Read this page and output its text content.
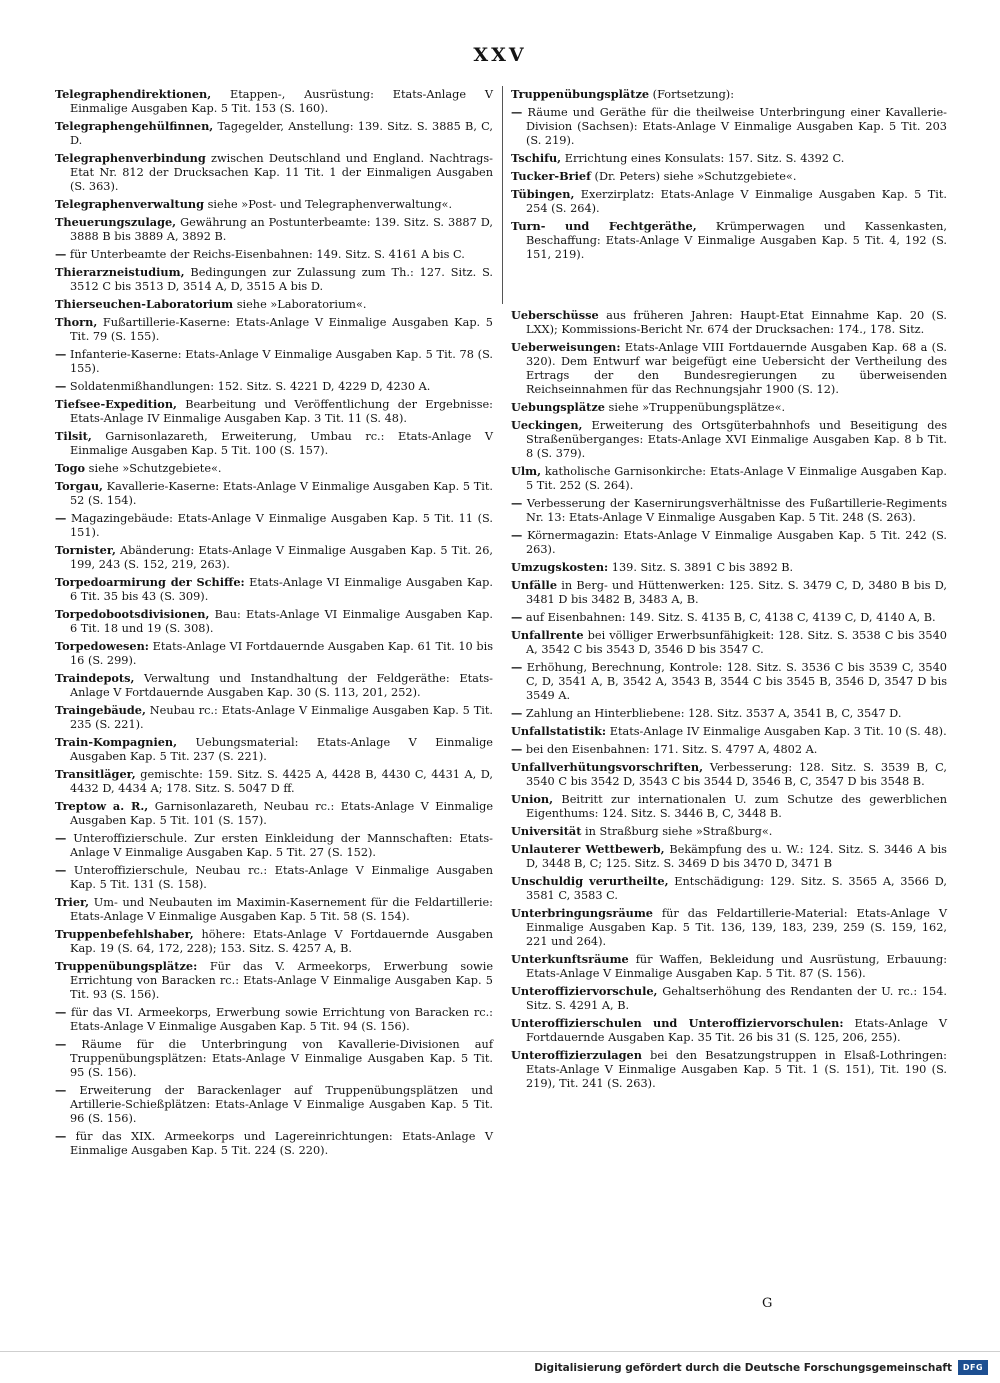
XXV

Telegraphendirektionen, Etappen-, Ausrüstung: Etats-Anlage V Einmalige Ausgaben Kap. 5 Tit. 153 (S. 160).

Telegraphengehülfinnen, Tagegelder, Anstellung: 139. Sitz. S. 3885 B, C, D.

Telegraphenverbindung zwischen Deutschland und England. Nachtrags-Etat Nr. 812 der Drucksachen Kap. 11 Tit. 1 der Einmaligen Ausgaben (S. 363).

Telegraphenverwaltung siehe »Post- und Telegraphenverwaltung«.

Theuerungszulage, Gewährung an Postunterbeamte: 139. Sitz. S. 3887 D, 3888 B bis 3889 A, 3892 B.

— für Unterbeamte der Reichs-Eisenbahnen: 149. Sitz. S. 4161 A bis C.

Thierarzneistudium, Bedingungen zur Zulassung zum Th.: 127. Sitz. S. 3512 C bis 3513 D, 3514 A, D, 3515 A bis D.

Thierseuchen-Laboratorium siehe »Laboratorium«.

Thorn, Fußartillerie-Kaserne: Etats-Anlage V Einmalige Ausgaben Kap. 5 Tit. 79 (S. 155).

— Infanterie-Kaserne: Etats-Anlage V Einmalige Ausgaben Kap. 5 Tit. 78 (S. 155).

— Soldatenmißhandlungen: 152. Sitz. S. 4221 D, 4229 D, 4230 A.

Tiefsee-Expedition, Bearbeitung und Veröffentlichung der Ergebnisse: Etats-Anlage IV Einmalige Ausgaben Kap. 3 Tit. 11 (S. 48).

Tilsit, Garnisonlazareth, Erweiterung, Umbau rc.: Etats-Anlage V Einmalige Ausgaben Kap. 5 Tit. 100 (S. 157).

Togo siehe »Schutzgebiete«.

Torgau, Kavallerie-Kaserne: Etats-Anlage V Einmalige Ausgaben Kap. 5 Tit. 52 (S. 154).

— Magazingebäude: Etats-Anlage V Einmalige Ausgaben Kap. 5 Tit. 11 (S. 151).

Tornister, Abänderung: Etats-Anlage V Einmalige Ausgaben Kap. 5 Tit. 26, 199, 243 (S. 152, 219, 263).

Torpedoarmirung der Schiffe: Etats-Anlage VI Einmalige Ausgaben Kap. 6 Tit. 35 bis 43 (S. 309).

Torpedobootsdivisionen, Bau: Etats-Anlage VI Einmalige Ausgaben Kap. 6 Tit. 18 und 19 (S. 308).

Torpedowesen: Etats-Anlage VI Fortdauernde Ausgaben Kap. 61 Tit. 10 bis 16 (S. 299).

Traindepots, Verwaltung und Instandhaltung der Feldgeräthe: Etats-Anlage V Fortdauernde Ausgaben Kap. 30 (S. 113, 201, 252).

Traingebäude, Neubau rc.: Etats-Anlage V Einmalige Ausgaben Kap. 5 Tit. 235 (S. 221).

Train-Kompagnien, Uebungsmaterial: Etats-Anlage V Einmalige Ausgaben Kap. 5 Tit. 237 (S. 221).

Transitläger, gemischte: 159. Sitz. S. 4425 A, 4428 B, 4430 C, 4431 A, D, 4432 D, 4434 A; 178. Sitz. S. 5047 D ff.

Treptow a. R., Garnisonlazareth, Neubau rc.: Etats-Anlage V Einmalige Ausgaben Kap. 5 Tit. 101 (S. 157).

— Unteroffizierschule. Zur ersten Einkleidung der Mannschaften: Etats-Anlage V Einmalige Ausgaben Kap. 5 Tit. 27 (S. 152).

— Unteroffizierschule, Neubau rc.: Etats-Anlage V Einmalige Ausgaben Kap. 5 Tit. 131 (S. 158).

Trier, Um- und Neubauten im Maximin-Kasernement für die Feldartillerie: Etats-Anlage V Einmalige Ausgaben Kap. 5 Tit. 58 (S. 154).

Truppenbefehlshaber, höhere: Etats-Anlage V Fortdauernde Ausgaben Kap. 19 (S. 64, 172, 228); 153. Sitz. S. 4257 A, B.

Truppenübungsplätze: Für das V. Armeekorps, Erwerbung sowie Errichtung von Baracken rc.: Etats-Anlage V Einmalige Ausgaben Kap. 5 Tit. 93 (S. 156).

— für das VI. Armeekorps, Erwerbung sowie Errichtung von Baracken rc.: Etats-Anlage V Einmalige Ausgaben Kap. 5 Tit. 94 (S. 156).

— Räume für die Unterbringung von Kavallerie-Divisionen auf Truppenübungsplätzen: Etats-Anlage V Einmalige Ausgaben Kap. 5 Tit. 95 (S. 156).

— Erweiterung der Barackenlager auf Truppenübungsplätzen und Artillerie-Schießplätzen: Etats-Anlage V Einmalige Ausgaben Kap. 5 Tit. 96 (S. 156).

— für das XIX. Armeekorps und Lagereinrichtungen: Etats-Anlage V Einmalige Ausgaben Kap. 5 Tit. 224 (S. 220).

Truppenübungsplätze (Fortsetzung):

— Räume und Geräthe für die theilweise Unterbringung einer Kavallerie-Division (Sachsen): Etats-Anlage V Einmalige Ausgaben Kap. 5 Tit. 203 (S. 219).

Tschifu, Errichtung eines Konsulats: 157. Sitz. S. 4392 C.

Tucker-Brief (Dr. Peters) siehe »Schutzgebiete«.

Tübingen, Exerzirplatz: Etats-Anlage V Einmalige Ausgaben Kap. 5 Tit. 254 (S. 264).

Turn- und Fechtgeräthe, Krümperwagen und Kassenkasten, Beschaffung: Etats-Anlage V Einmalige Ausgaben Kap. 5 Tit. 4, 192 (S. 151, 219).

Ueberschüsse aus früheren Jahren: Haupt-Etat Einnahme Kap. 20 (S. LXX); Kommissions-Bericht Nr. 674 der Drucksachen: 174., 178. Sitz.

Ueberweisungen: Etats-Anlage VIII Fortdauernde Ausgaben Kap. 68 a (S. 320). Dem Entwurf war beigefügt eine Uebersicht der Vertheilung des Ertrags der den Bundesregierungen zu überweisenden Reichseinnahmen für das Rechnungsjahr 1900 (S. 12).

Uebungsplätze siehe »Truppenübungsplätze«.

Ueckingen, Erweiterung des Ortsgüterbahnhofs und Beseitigung des Straßenüberganges: Etats-Anlage XVI Einmalige Ausgaben Kap. 8 b Tit. 8 (S. 379).

Ulm, katholische Garnisonkirche: Etats-Anlage V Einmalige Ausgaben Kap. 5 Tit. 252 (S. 264).

— Verbesserung der Kasernirungsverhältnisse des Fußartillerie-Regiments Nr. 13: Etats-Anlage V Einmalige Ausgaben Kap. 5 Tit. 248 (S. 263).

— Körnermagazin: Etats-Anlage V Einmalige Ausgaben Kap. 5 Tit. 242 (S. 263).

Umzugskosten: 139. Sitz. S. 3891 C bis 3892 B.

Unfälle in Berg- und Hüttenwerken: 125. Sitz. S. 3479 C, D, 3480 B bis D, 3481 D bis 3482 B, 3483 A, B.

— auf Eisenbahnen: 149. Sitz. S. 4135 B, C, 4138 C, 4139 C, D, 4140 A, B.

Unfallrente bei völliger Erwerbsunfähigkeit: 128. Sitz. S. 3538 C bis 3540 A, 3542 C bis 3543 D, 3546 D bis 3547 C.

— Erhöhung, Berechnung, Kontrole: 128. Sitz. S. 3536 C bis 3539 C, 3540 C, D, 3541 A, B, 3542 A, 3543 B, 3544 C bis 3545 B, 3546 D, 3547 D bis 3549 A.

— Zahlung an Hinterbliebene: 128. Sitz. 3537 A, 3541 B, C, 3547 D.

Unfallstatistik: Etats-Anlage IV Einmalige Ausgaben Kap. 3 Tit. 10 (S. 48).

— bei den Eisenbahnen: 171. Sitz. S. 4797 A, 4802 A.

Unfallverhütungsvorschriften, Verbesserung: 128. Sitz. S. 3539 B, C, 3540 C bis 3542 D, 3543 C bis 3544 D, 3546 B, C, 3547 D bis 3548 B.

Union, Beitritt zur internationalen U. zum Schutze des gewerblichen Eigenthums: 124. Sitz. S. 3446 B, C, 3448 B.

Universität in Straßburg siehe »Straßburg«.

Unlauterer Wettbewerb, Bekämpfung des u. W.: 124. Sitz. S. 3446 A bis D, 3448 B, C; 125. Sitz. S. 3469 D bis 3470 D, 3471 B

Unschuldig verurtheilte, Entschädigung: 129. Sitz. S. 3565 A, 3566 D, 3581 C, 3583 C.

Unterbringungsräume für das Feldartillerie-Material: Etats-Anlage V Einmalige Ausgaben Kap. 5 Tit. 136, 139, 183, 239, 259 (S. 159, 162, 221 und 264).

Unterkunftsräume für Waffen, Bekleidung und Ausrüstung, Erbauung: Etats-Anlage V Einmalige Ausgaben Kap. 5 Tit. 87 (S. 156).

Unteroffiziervorschule, Gehaltserhöhung des Rendanten der U. rc.: 154. Sitz. S. 4291 A, B.

Unteroffizierschulen und Unteroffiziervorschulen: Etats-Anlage V Fortdauernde Ausgaben Kap. 35 Tit. 26 bis 31 (S. 125, 206, 255).

Unteroffizierzulagen bei den Besatzungstruppen in Elsaß-Lothringen: Etats-Anlage V Einmalige Ausgaben Kap. 5 Tit. 1 (S. 151), Tit. 190 (S. 219), Tit. 241 (S. 263).

G
Digitalisierung gefördert durch die Deutsche Forschungsgemeinschaft	DFG
